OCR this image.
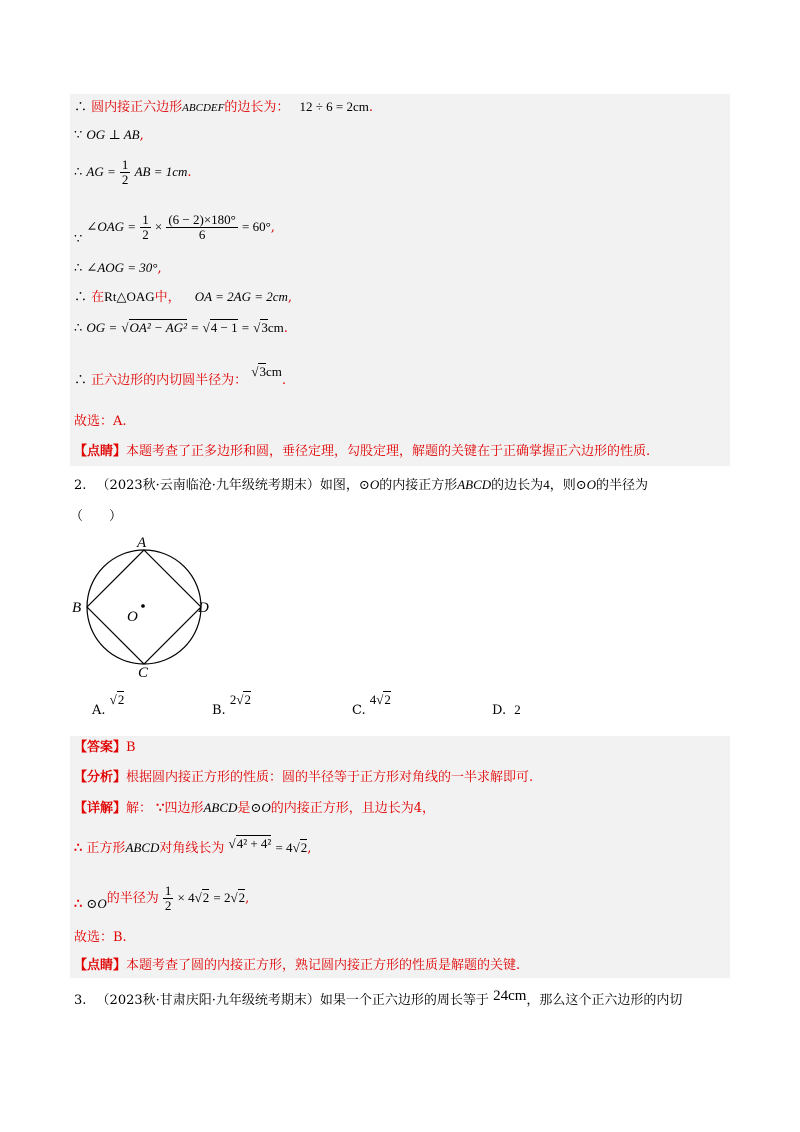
∴ 圆内接正六边形ABCDEF的边长为： 12 ÷ 6 = 2cm.
∵ OG ⊥ AB,
∴ AG = $\frac{1}{2}$ AB = 1cm.
∵ ∠OAG = $\frac{1}{2} \times \frac{(6 - 2)\times 180^\circ}{6} = 60^\circ$,
∴ ∠AOG = 30°,
∴ 在Rt△OAG中， OA = 2AG = 2cm,
∴ OG = √OA² − AG² = √4 − 1 = √3cm.
∴ 正六边形的内切圆半径为： √3cm.
故选：A.
【点睛】本题考查了正多边形和圆，垂径定理，勾股定理，解题的关键在于正确掌握正六边形的性质.
2. （2023秋·云南临沧·九年级统考期末）如图，⊙O的内接正方形ABCD的边长为4，则⊙O的半径为
（　　）
A
B	D
C
O
A. √2
B. 2√2
C. 4√2
D. 2
【答案】B
【分析】根据圆内接正方形的性质：圆的半径等于正方形对角线的一半求解即可.
【详解】解： ∵四边形ABCD是⊙O的内接正方形，且边长为4，
∴ 正方形ABCD对角线长为 √4² + 4² = 4√2,
∴ ⊙O的半径为 $\frac{1}{2} \times 4√2 = 2√2$,
故选：B.
【点睛】本题考查了圆的内接正方形，熟记圆内接正方形的性质是解题的关键.
3. （2023秋·甘肃庆阳·九年级统考期末）如果一个正六边形的周长等于 24cm，那么这个正六边形的内切
